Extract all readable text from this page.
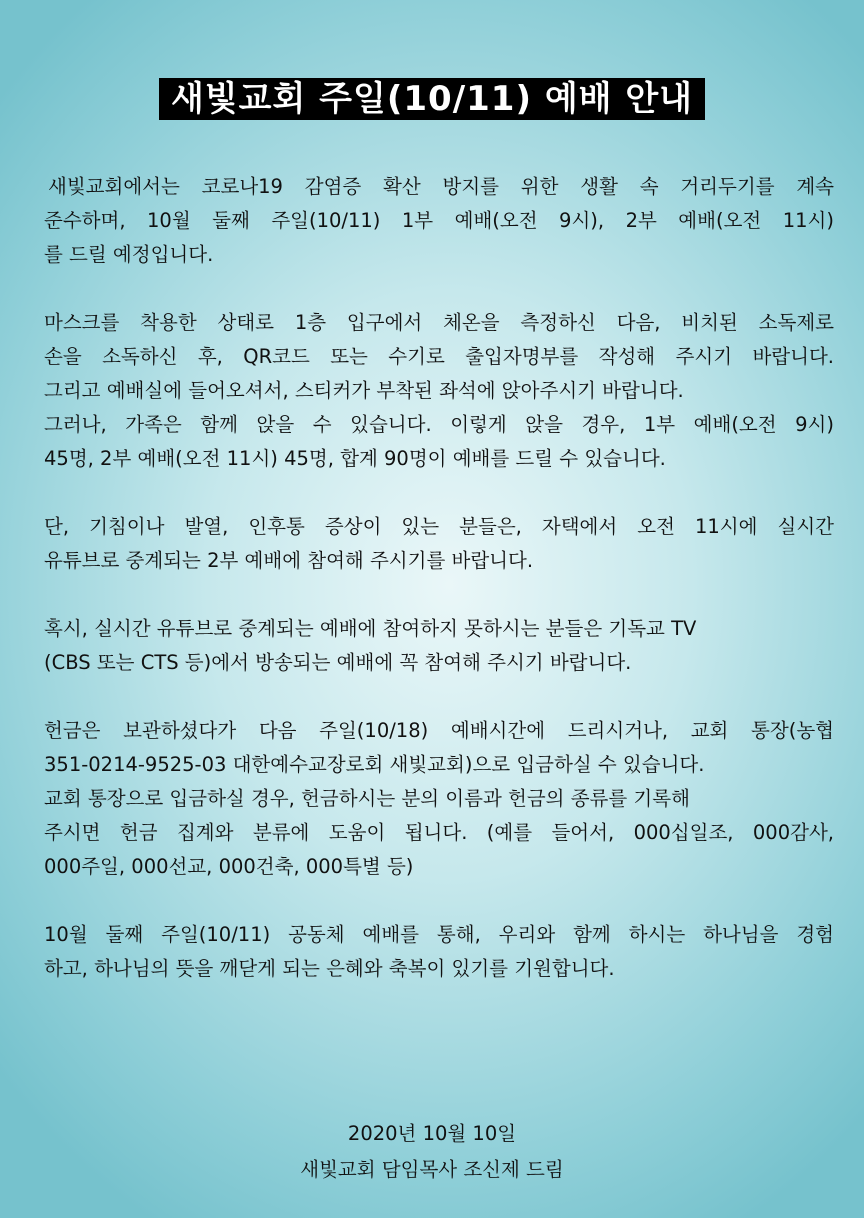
새빛교회 주일(10/11) 예배 안내
새빛교회에서는 코로나19 감염증 확산 방지를 위한 생활 속 거리두기를 계속
준수하며, 10월 둘째 주일(10/11) 1부 예배(오전 9시), 2부 예배(오전 11시)
를 드릴 예정입니다.
마스크를 착용한 상태로 1층 입구에서 체온을 측정하신 다음, 비치된 소독제로
손을 소독하신 후, QR코드 또는 수기로 출입자명부를 작성해 주시기 바랍니다.
그리고 예배실에 들어오셔서, 스티커가 부착된 좌석에 앉아주시기 바랍니다.
그러나, 가족은 함께 앉을 수 있습니다. 이렇게 앉을 경우, 1부 예배(오전 9시)
45명, 2부 예배(오전 11시) 45명, 합계 90명이 예배를 드릴 수 있습니다.
단, 기침이나 발열, 인후통 증상이 있는 분들은, 자택에서 오전 11시에 실시간
유튜브로 중계되는 2부 예배에 참여해 주시기를 바랍니다.
혹시, 실시간 유튜브로 중계되는 예배에 참여하지 못하시는 분들은 기독교 TV
(CBS 또는 CTS 등)에서 방송되는 예배에 꼭 참여해 주시기 바랍니다.
헌금은 보관하셨다가 다음 주일(10/18) 예배시간에 드리시거나, 교회 통장(농협
351-0214-9525-03 대한예수교장로회 새빛교회)으로 입금하실 수 있습니다.
교회 통장으로 입금하실 경우, 헌금하시는 분의 이름과 헌금의 종류를 기록해
주시면 헌금 집계와 분류에 도움이 됩니다. (예를 들어서, 000십일조, 000감사,
000주일, 000선교, 000건축, 000특별 등)
10월 둘째 주일(10/11) 공동체 예배를 통해, 우리와 함께 하시는 하나님을 경험
하고, 하나님의 뜻을 깨닫게 되는 은혜와 축복이 있기를 기원합니다.
2020년 10월 10일
새빛교회 담임목사 조신제 드림
